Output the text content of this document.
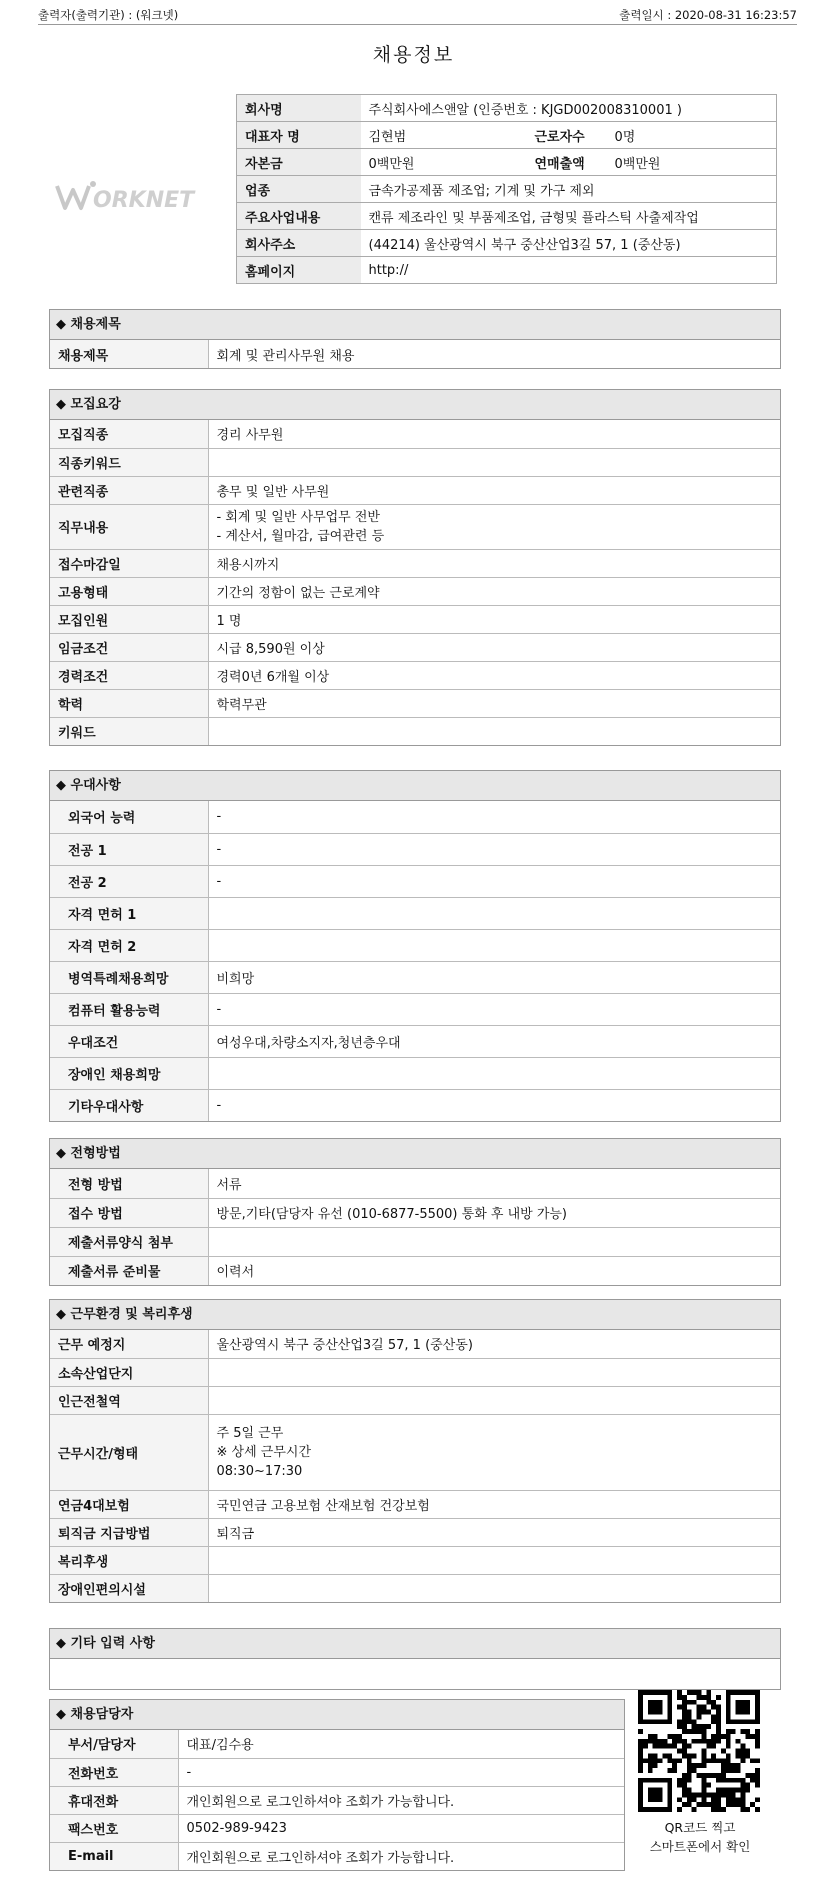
출력자(출력기관) : (워크넷)	출력일시 : 2020-08-31 16:23:57
채용정보
ORKNET
회사명	주식회사에스앤알 (인증번호 : KJGD002008310001 )		
대표자 명	김현범	근로자수	0명
자본금	0백만원	연매출액	0백만원
업종	금속가공제품 제조업; 기계 및 가구 제외		
주요사업내용	캔류 제조라인 및 부품제조업, 금형및 플라스틱 사출제작업		
회사주소	(44214) 울산광역시 북구 중산산업3길 57, 1 (중산동)		
홈페이지	http://		
◆ 채용제목
채용제목	회계 및 관리사무원 채용
◆ 모집요강
모집직종	경리 사무원
직종키워드	
관련직종	총무 및 일반 사무원
직무내용	- 회계 및 일반 사무업무 전반
- 계산서, 월마감, 급여관련 등

접수마감일	채용시까지
고용형태	기간의 정함이 없는 근로계약
모집인원	1 명
임금조건	시급 8,590원 이상
경력조건	경력0년 6개월 이상
학력	학력무관
키워드	
◆ 우대사항
외국어 능력	-
전공 1	-
전공 2	-
자격 면허 1	
자격 면허 2	
병역특례채용희망	비희망
컴퓨터 활용능력	-
우대조건	여성우대,차량소지자,청년층우대
장애인 채용희망	
기타우대사항	-
◆ 전형방법
전형 방법	서류
접수 방법	방문,기타(담당자 유선 (010-6877-5500) 통화 후 내방 가능)
제출서류양식 첨부	
제출서류 준비물	이력서
◆ 근무환경 및 복리후생
근무 예정지	울산광역시 북구 중산산업3길 57, 1 (중산동)
소속산업단지	
인근전철역	
근무시간/형태	주 5일 근무
※ 상세 근무시간
08:30~17:30

연금4대보험	국민연금 고용보험 산재보험 건강보험
퇴직금 지급방법	퇴직금
복리후생	
장애인편의시설	
◆ 기타 입력 사항
◆ 채용담당자
부서/담당자	대표/김수용
전화번호	-
휴대전화	개인회원으로 로그인하셔야 조회가 가능합니다.
팩스번호	0502-989-9423
E-mail	개인회원으로 로그인하셔야 조회가 가능합니다.
QR코드 찍고
스마트폰에서 확인
